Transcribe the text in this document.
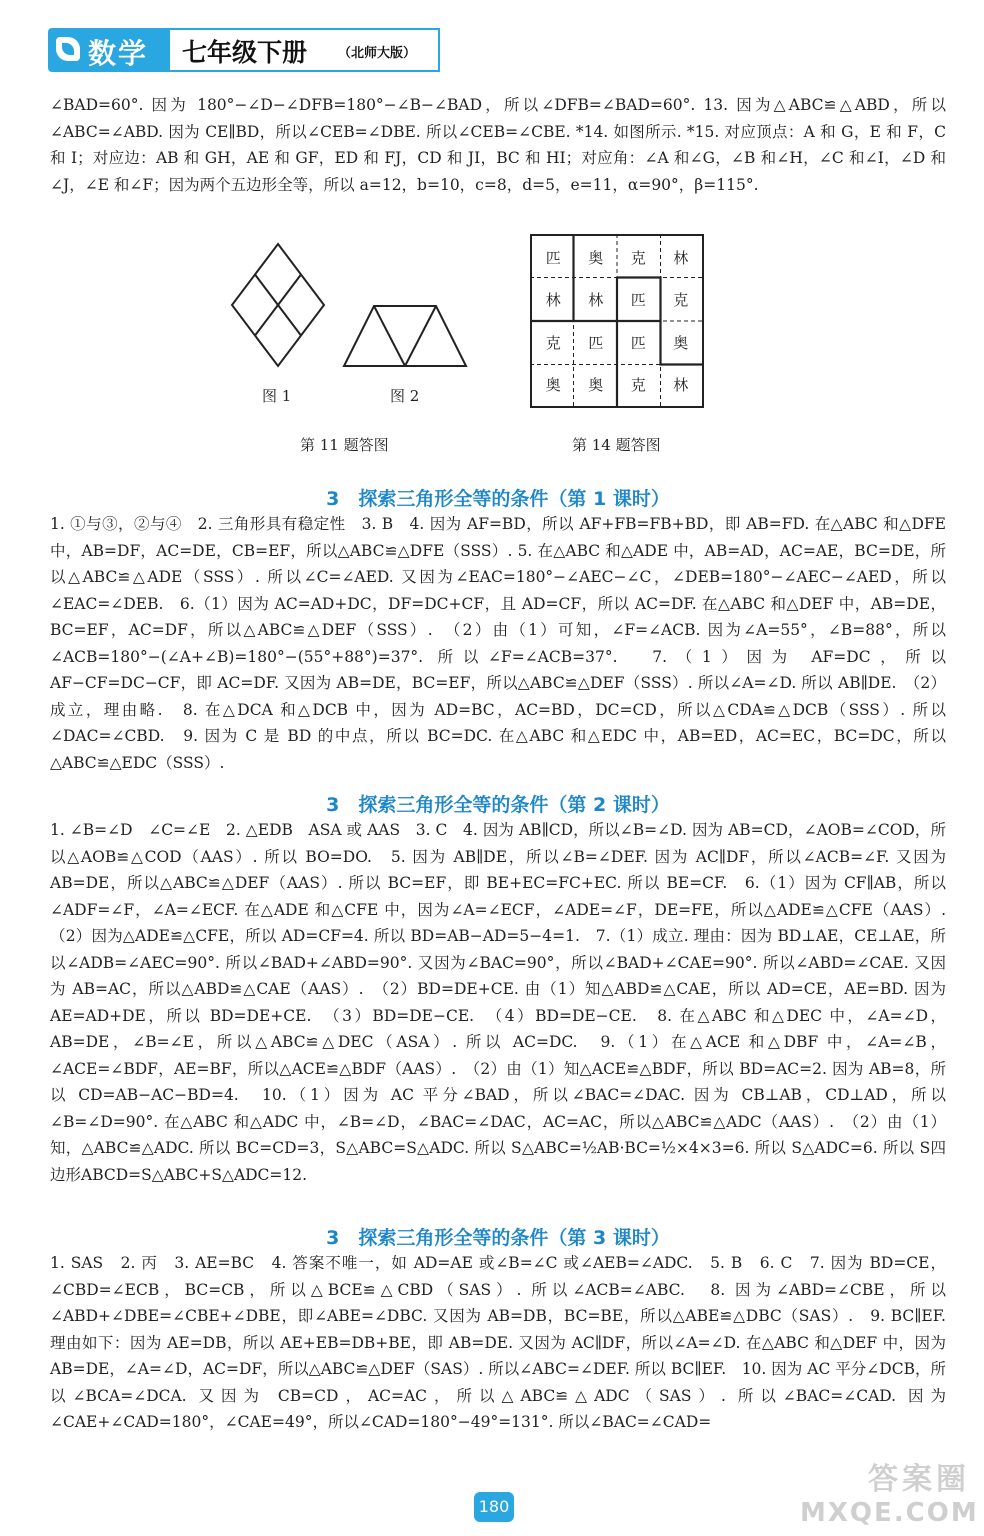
数学 七年级下册 （北师大版）

∠BAD=60°. 因为 180°−∠D−∠DFB=180°−∠B−∠BAD，所以∠DFB=∠BAD=60°. 13. 因为△ABC≌△ABD，所以∠ABC=∠ABD. 因为 CE∥BD，所以∠CEB=∠DBE. 所以∠CEB=∠CBE. *14. 如图所示. *15. 对应顶点：A 和 G，E 和 F，C 和 I；对应边：AB 和 GH，AE 和 GF，ED 和 FJ，CD 和 JI，BC 和 HI；对应角：∠A 和∠G，∠B 和∠H，∠C 和∠I，∠D 和∠J，∠E 和∠F；因为两个五边形全等，所以 a=12，b=10，c=8，d=5，e=11，α=90°，β=115°.

图 1	图 2
第 11 题答图
匹	奥	克	林
林	林	匹	克
克	匹	匹	奥
奥	奥	克	林
第 14 题答图
3　探索三角形全等的条件（第 1 课时）

1. ①与③，②与④　2. 三角形具有稳定性　3. B　4. 因为 AF=BD，所以 AF+FB=FB+BD，即 AB=FD. 在△ABC 和△DFE 中，AB=DF，AC=DE，CB=EF，所以△ABC≌△DFE（SSS）. 5. 在△ABC 和△ADE 中，AB=AD，AC=AE，BC=DE，所以△ABC≌△ADE（SSS）. 所以∠C=∠AED. 又因为∠EAC=180°−∠AEC−∠C，∠DEB=180°−∠AEC−∠AED，所以∠EAC=∠DEB.　6.（1）因为 AC=AD+DC，DF=DC+CF，且 AD=CF，所以 AC=DF. 在△ABC 和△DEF 中，AB=DE，BC=EF，AC=DF，所以△ABC≌△DEF（SSS）.　（2）由（1）可知，∠F=∠ACB. 因为∠A=55°，∠B=88°，所以∠ACB=180°−(∠A+∠B)=180°−(55°+88°)=37°. 所以∠F=∠ACB=37°.　7.（1）因为 AF=DC，所以 AF−CF=DC−CF，即 AC=DF. 又因为 AB=DE，BC=EF，所以△ABC≌△DEF（SSS）. 所以∠A=∠D. 所以 AB∥DE.　（2）成立，理由略.　8. 在△DCA 和△DCB 中，因为 AD=BC，AC=BD，DC=CD，所以△CDA≌△DCB（SSS）. 所以∠DAC=∠CBD.　9. 因为 C 是 BD 的中点，所以 BC=DC. 在△ABC 和△EDC 中，AB=ED，AC=EC，BC=DC，所以△ABC≌△EDC（SSS）.

3　探索三角形全等的条件（第 2 课时）

1. ∠B=∠D　∠C=∠E　2. △EDB　ASA 或 AAS　3. C　4. 因为 AB∥CD，所以∠B=∠D. 因为 AB=CD，∠AOB=∠COD，所以△AOB≌△COD（AAS）. 所以 BO=DO.　5. 因为 AB∥DE，所以∠B=∠DEF. 因为 AC∥DF，所以∠ACB=∠F. 又因为 AB=DE，所以△ABC≌△DEF（AAS）. 所以 BC=EF，即 BE+EC=FC+EC. 所以 BE=CF.　6.（1）因为 CF∥AB，所以∠ADF=∠F，∠A=∠ECF. 在△ADE 和△CFE 中，因为∠A=∠ECF，∠ADE=∠F，DE=FE，所以△ADE≌△CFE（AAS）.　（2）因为△ADE≌△CFE，所以 AD=CF=4. 所以 BD=AB−AD=5−4=1.　7.（1）成立. 理由：因为 BD⊥AE，CE⊥AE，所以∠ADB=∠AEC=90°. 所以∠BAD+∠ABD=90°. 又因为∠BAC=90°，所以∠BAD+∠CAE=90°. 所以∠ABD=∠CAE. 又因为 AB=AC，所以△ABD≌△CAE（AAS）.　（2）BD=DE+CE. 由（1）知△ABD≌△CAE，所以 AD=CE，AE=BD. 因为 AE=AD+DE，所以 BD=DE+CE.　（3）BD=DE−CE.　（4）BD=DE−CE.　8. 在△ABC 和△DEC 中，∠A=∠D，AB=DE，∠B=∠E，所以△ABC≌△DEC（ASA）. 所以 AC=DC.　9.（1）在△ACE 和△DBF 中，∠A=∠B，∠ACE=∠BDF，AE=BF，所以△ACE≌△BDF（AAS）.　（2）由（1）知△ACE≌△BDF，所以 BD=AC=2. 因为 AB=8，所以 CD=AB−AC−BD=4.　10.（1）因为 AC 平分∠BAD，所以∠BAC=∠DAC. 因为 CB⊥AB，CD⊥AD，所以∠B=∠D=90°. 在△ABC 和△ADC 中，∠B=∠D，∠BAC=∠DAC，AC=AC，所以△ABC≌△ADC（AAS）.　（2）由（1）知，△ABC≌△ADC. 所以 BC=CD=3，S△ABC=S△ADC. 所以 S△ABC=½AB·BC=½×4×3=6. 所以 S△ADC=6. 所以 S四边形ABCD=S△ABC+S△ADC=12.

3　探索三角形全等的条件（第 3 课时）

1. SAS　2. 丙　3. AE=BC　4. 答案不唯一，如 AD=AE 或∠B=∠C 或∠AEB=∠ADC.　5. B　6. C　7. 因为 BD=CE，∠CBD=∠ECB，BC=CB，所以△BCE≌△CBD（SAS）. 所以∠ACB=∠ABC.　8. 因为∠ABD=∠CBE，所以∠ABD+∠DBE=∠CBE+∠DBE，即∠ABE=∠DBC. 又因为 AB=DB，BC=BE，所以△ABE≌△DBC（SAS）.　9. BC∥EF. 理由如下：因为 AE=DB，所以 AE+EB=DB+BE，即 AB=DE. 又因为 AC∥DF，所以∠A=∠D. 在△ABC 和△DEF 中，因为 AB=DE，∠A=∠D，AC=DF，所以△ABC≌△DEF（SAS）. 所以∠ABC=∠DEF. 所以 BC∥EF.　10. 因为 AC 平分∠DCB，所以∠BCA=∠DCA. 又因为 CB=CD，AC=AC，所以△ABC≌△ADC（SAS）. 所以∠BAC=∠CAD. 因为∠CAE+∠CAD=180°，∠CAE=49°，所以∠CAD=180°−49°=131°. 所以∠BAC=∠CAD=

180
答案圈
MXQE.COM
